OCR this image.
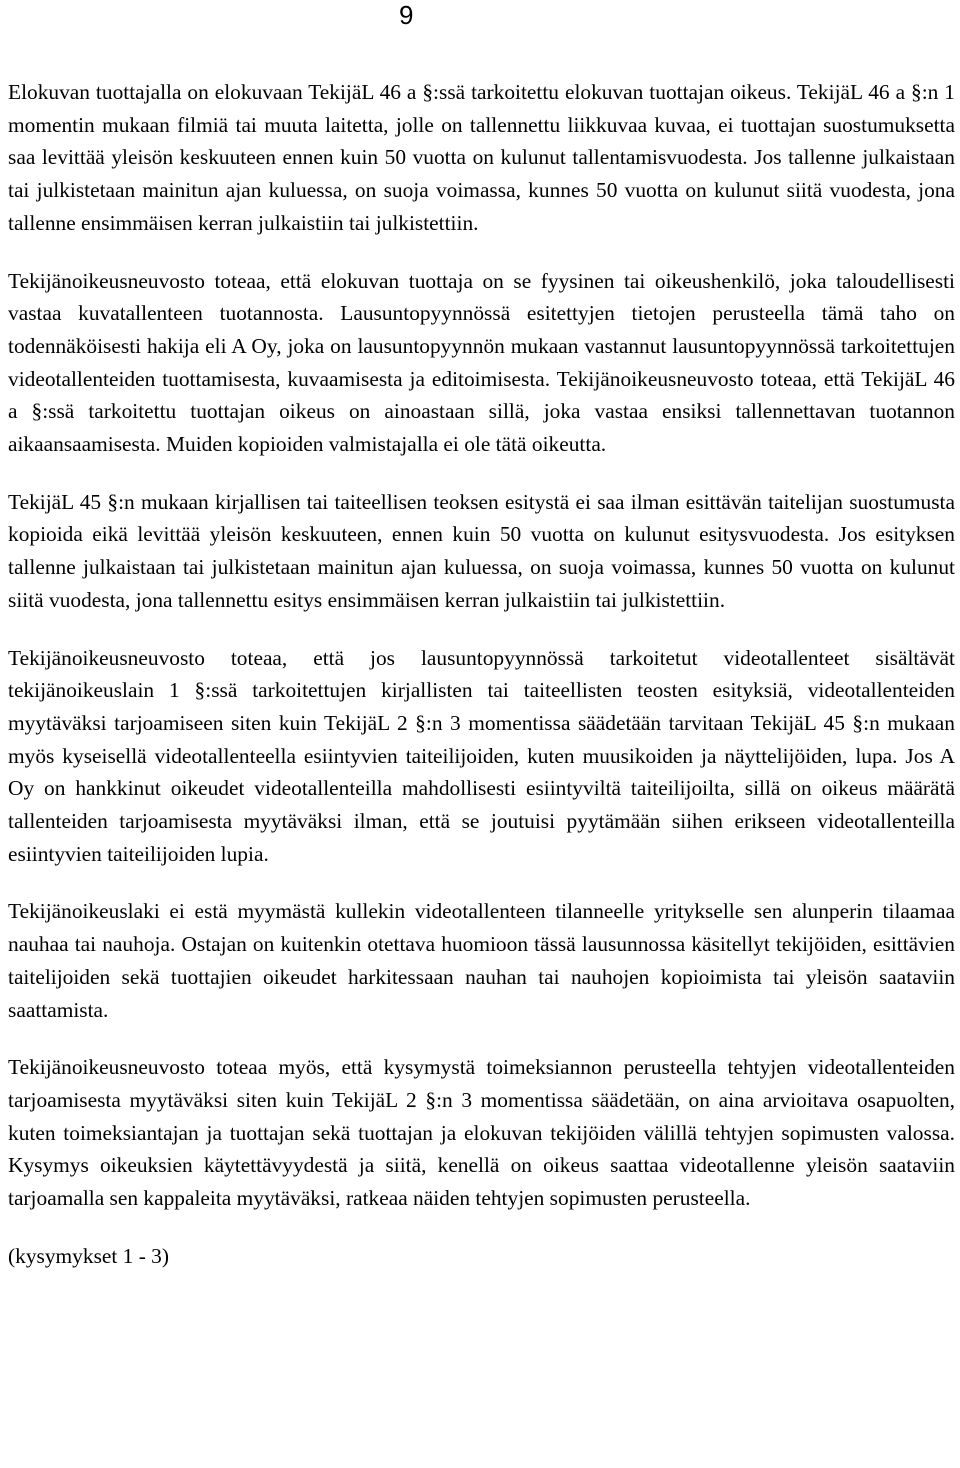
9

Elokuvan tuottajalla on elokuvaan TekijäL 46 a §:ssä tarkoitettu elokuvan tuottajan oikeus. TekijäL 46 a §:n 1 momentin mukaan filmiä tai muuta laitetta, jolle on tallennettu liikkuvaa kuvaa, ei tuottajan suostumuksetta saa levittää yleisön keskuuteen ennen kuin 50 vuotta on kulunut tallentamisvuodesta. Jos tallenne julkaistaan tai julkistetaan mainitun ajan kuluessa, on suoja voimassa, kunnes 50 vuotta on kulunut siitä vuodesta, jona tallenne ensimmäisen kerran julkaistiin tai julkistettiin.

Tekijänoikeusneuvosto toteaa, että elokuvan tuottaja on se fyysinen tai oikeushenkilö, joka taloudellisesti vastaa kuvatallenteen tuotannosta. Lausuntopyynnössä esitettyjen tietojen perusteella tämä taho on todennäköisesti hakija eli A Oy, joka on lausuntopyynnön mukaan vastannut lausuntopyynnössä tarkoitettujen videotallenteiden tuottamisesta, kuvaamisesta ja editoimisesta. Tekijänoikeusneuvosto toteaa, että TekijäL 46 a §:ssä tarkoitettu tuottajan oikeus on ainoastaan sillä, joka vastaa ensiksi tallennettavan tuotannon aikaansaamisesta. Muiden kopioiden valmistajalla ei ole tätä oikeutta.

TekijäL 45 §:n mukaan kirjallisen tai taiteellisen teoksen esitystä ei saa ilman esittävän taitelijan suostumusta kopioida eikä levittää yleisön keskuuteen, ennen kuin 50 vuotta on kulunut esitysvuodesta. Jos esityksen tallenne julkaistaan tai julkistetaan mainitun ajan kuluessa, on suoja voimassa, kunnes 50 vuotta on kulunut siitä vuodesta, jona tallennettu esitys ensimmäisen kerran julkaistiin tai julkistettiin.

Tekijänoikeusneuvosto toteaa, että jos lausuntopyynnössä tarkoitetut videotallenteet sisältävät tekijänoikeuslain 1 §:ssä tarkoitettujen kirjallisten tai taiteellisten teosten esityksiä, videotallenteiden myytäväksi tarjoamiseen siten kuin TekijäL 2 §:n 3 momentissa säädetään tarvitaan TekijäL 45 §:n mukaan myös kyseisellä videotallenteella esiintyvien taiteilijoiden, kuten muusikoiden ja näyttelijöiden, lupa. Jos A Oy on hankkinut oikeudet videotallenteilla mahdollisesti esiintyviltä taiteilijoilta, sillä on oikeus määrätä tallenteiden tarjoamisesta myytäväksi ilman, että se joutuisi pyytämään siihen erikseen videotallenteilla esiintyvien taiteilijoiden lupia.

Tekijänoikeuslaki ei estä myymästä kullekin videotallenteen tilanneelle yritykselle sen alunperin tilaamaa nauhaa tai nauhoja. Ostajan on kuitenkin otettava huomioon tässä lausunnossa käsitellyt tekijöiden, esittävien taitelijoiden sekä tuottajien oikeudet harkitessaan nauhan tai nauhojen kopioimista tai yleisön saataviin saattamista.

Tekijänoikeusneuvosto toteaa myös, että kysymystä toimeksiannon perusteella tehtyjen videotallenteiden tarjoamisesta myytäväksi siten kuin TekijäL 2 §:n 3 momentissa säädetään, on aina arvioitava osapuolten, kuten toimeksiantajan ja tuottajan sekä tuottajan ja elokuvan tekijöiden välillä tehtyjen sopimusten valossa. Kysymys oikeuksien käytettävyydestä ja siitä, kenellä on oikeus saattaa videotallenne yleisön saataviin tarjoamalla sen kappaleita myytäväksi, ratkeaa näiden tehtyjen sopimusten perusteella.

(kysymykset 1 - 3)
